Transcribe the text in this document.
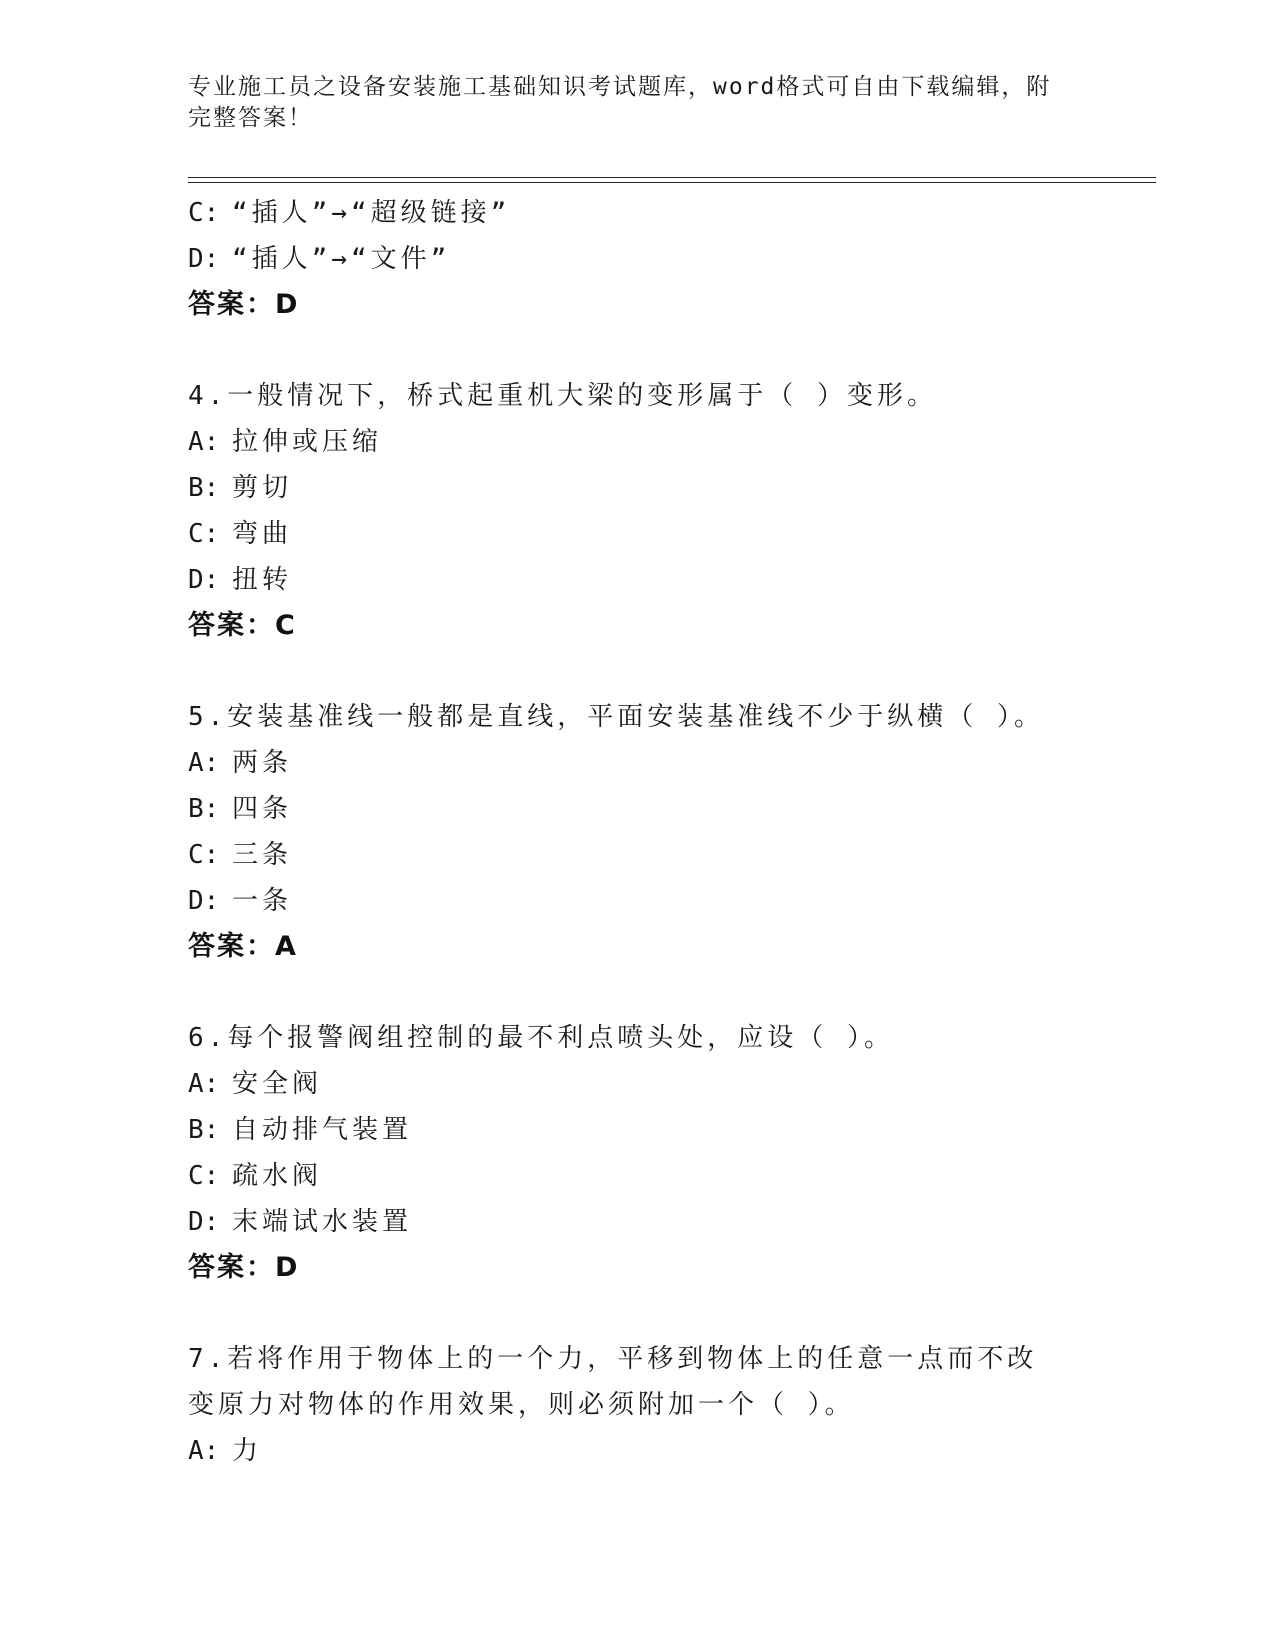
专业施工员之设备安装施工基础知识考试题库，word格式可自由下载编辑，附完整答案！
C: “插人”→“超级链接”
D: “插人”→“文件”
答案：D
4.一般情况下，桥式起重机大梁的变形属于（ ）变形。
A: 拉伸或压缩
B: 剪切
C: 弯曲
D: 扭转
答案：C
5.安装基准线一般都是直线，平面安装基准线不少于纵横（ ）。
A: 两条
B: 四条
C: 三条
D: 一条
答案：A
6.每个报警阀组控制的最不利点喷头处，应设（ ）。
A: 安全阀
B: 自动排气装置
C: 疏水阀
D: 末端试水装置
答案：D
7.若将作用于物体上的一个力，平移到物体上的任意一点而不改变原力对物体的作用效果，则必须附加一个（ ）。
A: 力
